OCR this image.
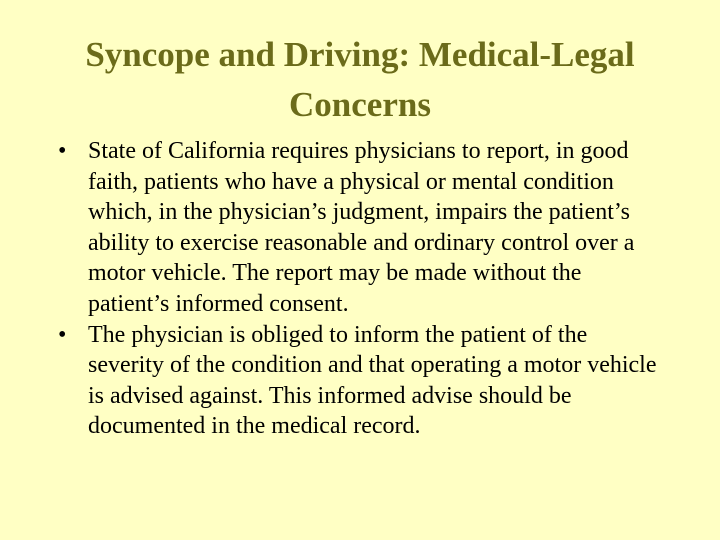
Syncope and Driving: Medical-Legal Concerns
• State of California requires physicians to report, in good faith, patients who have a physical or mental condition which, in the physician’s judgment, impairs the patient’s ability to exercise reasonable and ordinary control over a motor vehicle. The report may be made without the patient’s informed consent.
• The physician is obliged to inform the patient of the severity of the condition and that operating a motor vehicle is advised against. This informed advise should be documented in the medical record.
